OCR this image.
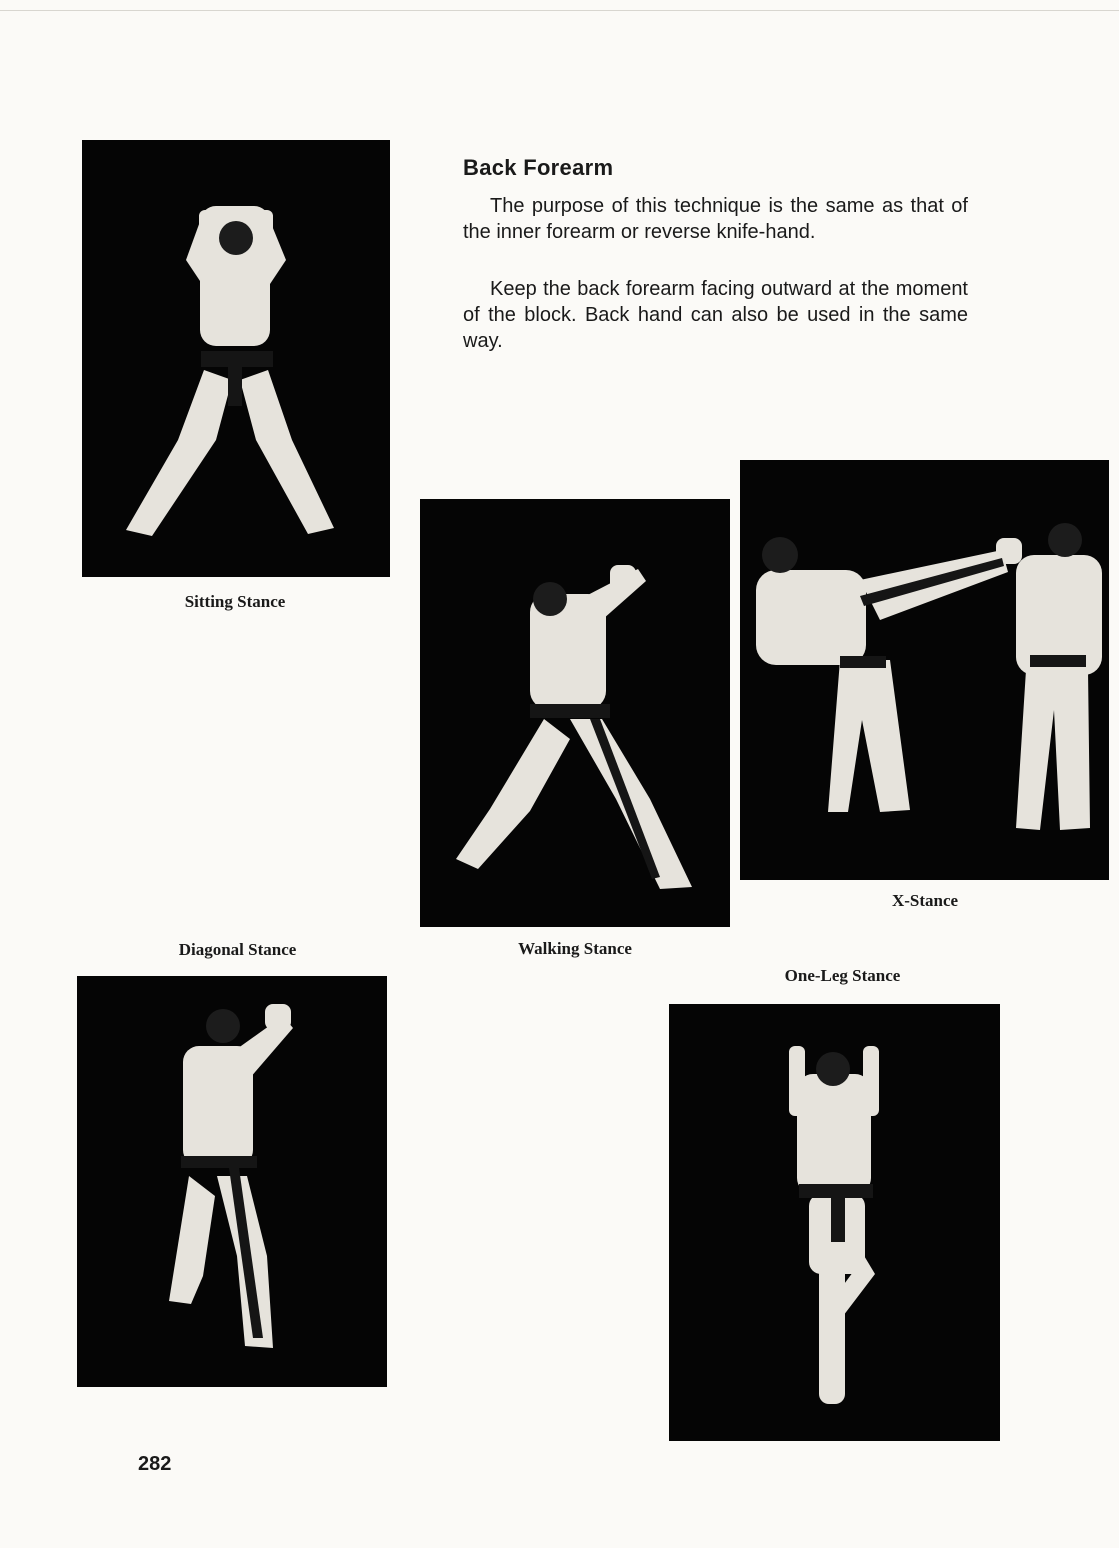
Back Forearm

The purpose of this technique is the same as that of the inner forearm or reverse knife-hand.

Keep the back forearm facing outward at the moment of the block. Back hand can also be used in the same way.

Sitting Stance

Walking Stance

X-Stance

Diagonal Stance

One-Leg Stance

282
